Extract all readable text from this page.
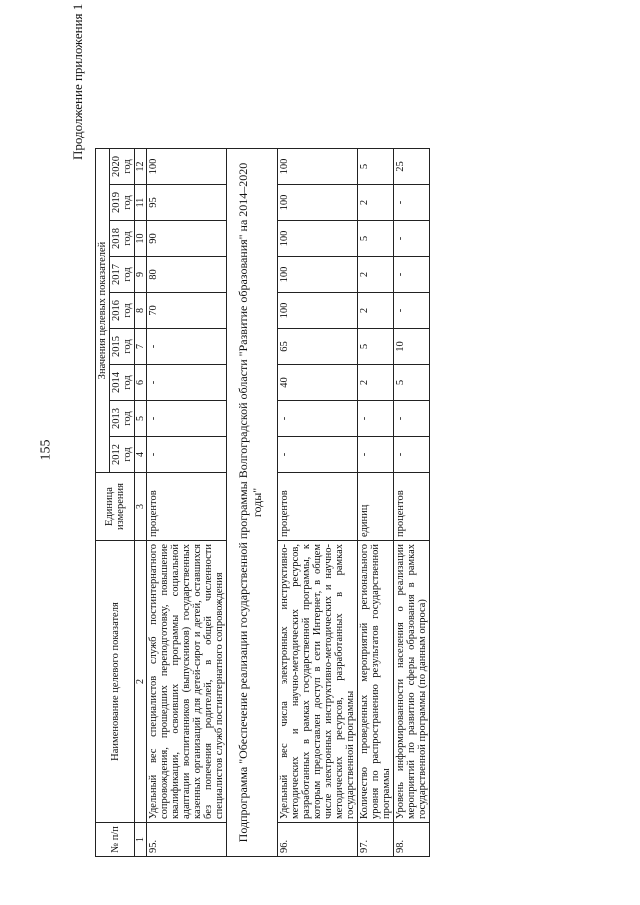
155
Продолжение приложения 1
№ п/п	Наименование целевого показателя	Единица измерения	Значения целевых показателей								
			2012 год	2013 год	2014 год	2015 год	2016 год	2017 год	2018 год	2019 год	2020 год
1	2	3	4	5	6	7	8	9	10	11	12
95.	Удельный вес специалистов служб постинтернатного сопровождения, прошедших переподготовку, повышение квалификации, освоивших программы социальной адаптации воспитанников (выпускников) государственных казенных организаций для детей-сирот и детей, оставшихся без попечения родителей, в общей численности специалистов служб постинтернатного сопровождения	процентов	-	-	-	-	70	80	90	95	100
Подпрограмма "Обеспечение реализации государственной программы Волгоградской области "Развитие образования" на 2014–2020 годы"											
96.	Удельный вес числа электронных инструктивно-методических и научно-методических ресурсов, разработанных в рамках государственной программы, к которым предоставлен доступ в сети Интернет, в общем числе электронных инструктивно-методических и научно-методических ресурсов, разработанных в рамках государственной программы	процентов	-	-	40	65	100	100	100	100	100
97.	Количество проведенных мероприятий регионального уровня по распространению результатов государственной программы	единиц	-	-	2	5	2	2	5	2	5
98.	Уровень информированности населения о реализации мероприятий по развитию сферы образования в рамках государственной программы (по данным опроса)	процентов	-	-	5	10	-	-	-	-	25
